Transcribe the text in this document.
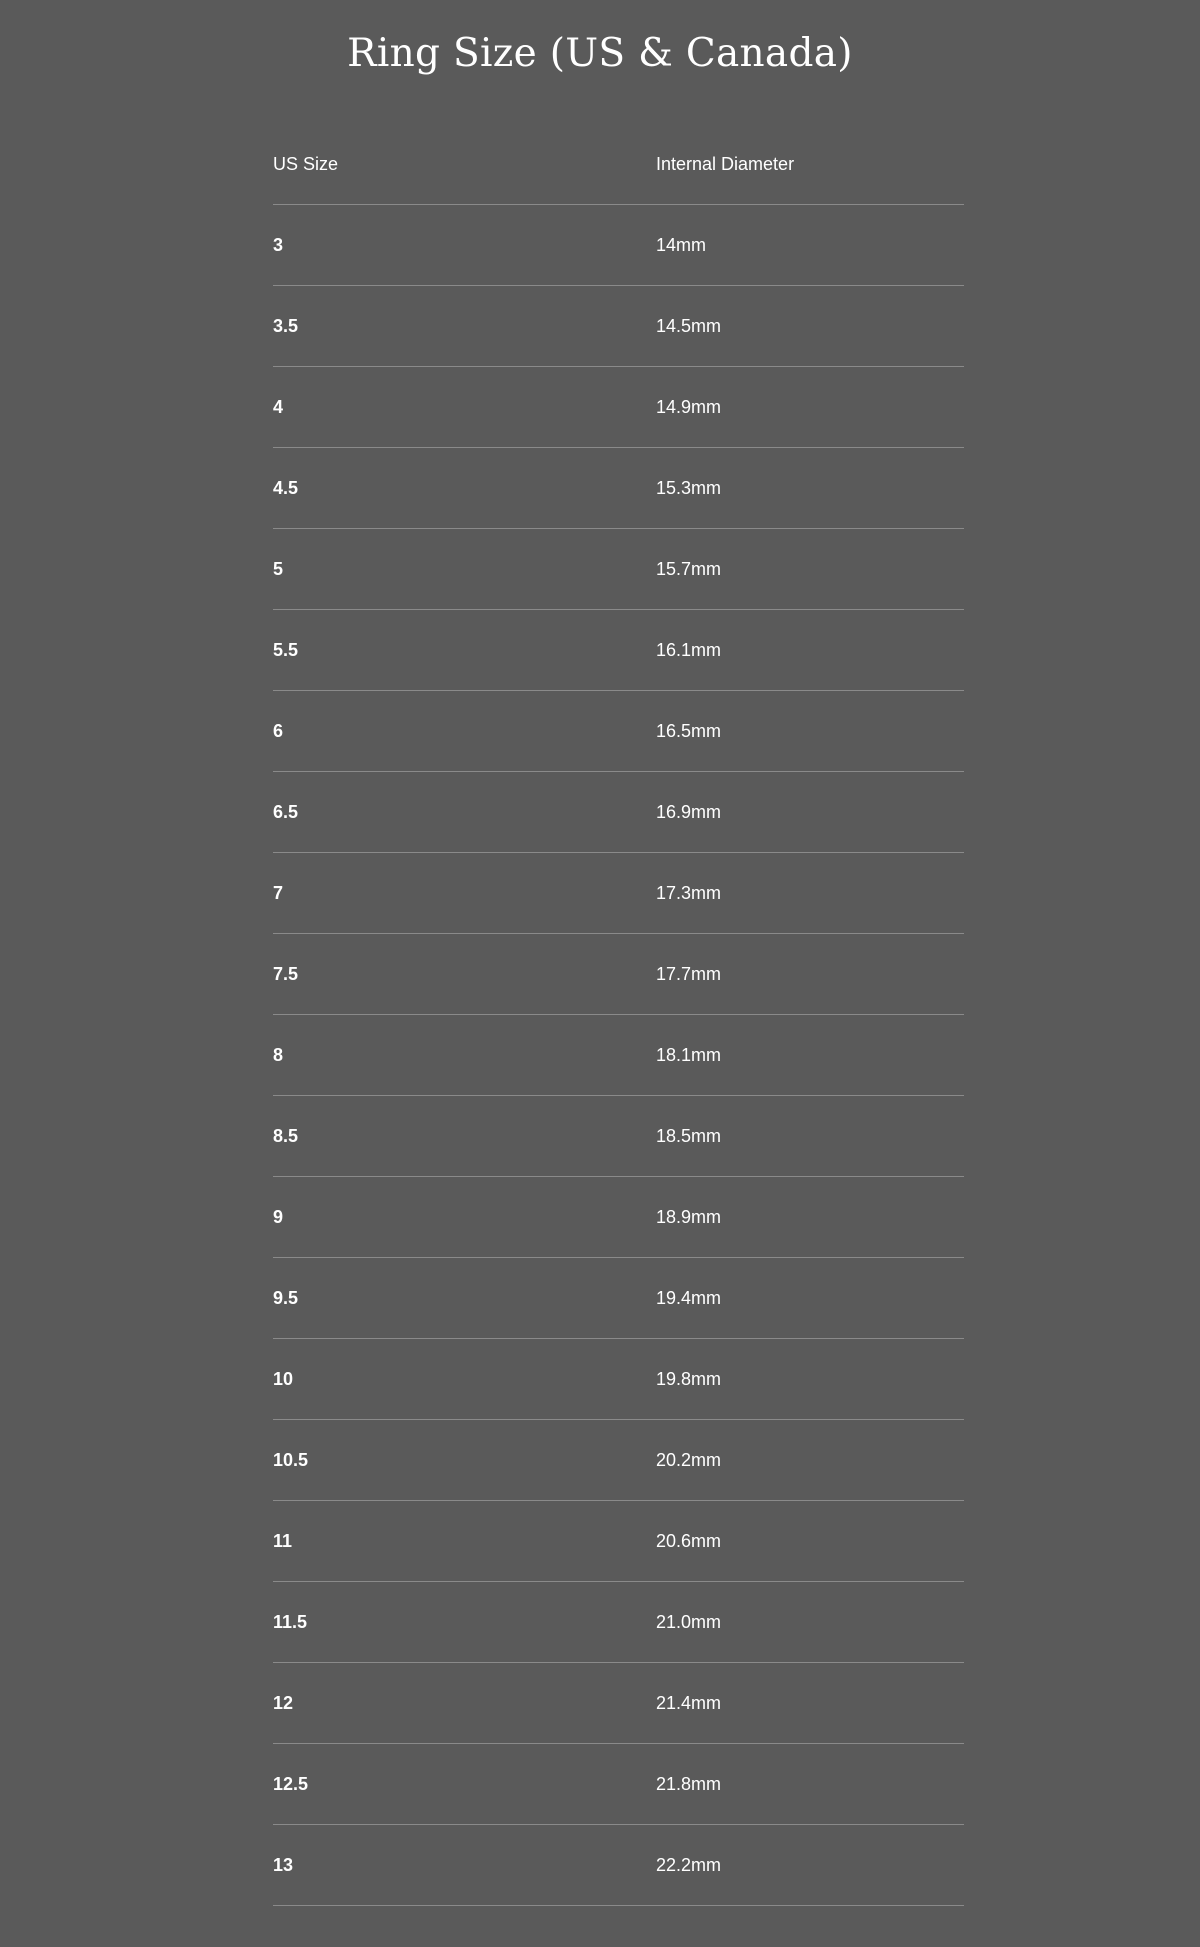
Ring Size (US & Canada)
US Size	Internal Diameter
3	14mm
3.5	14.5mm
4	14.9mm
4.5	15.3mm
5	15.7mm
5.5	16.1mm
6	16.5mm
6.5	16.9mm
7	17.3mm
7.5	17.7mm
8	18.1mm
8.5	18.5mm
9	18.9mm
9.5	19.4mm
10	19.8mm
10.5	20.2mm
11	20.6mm
11.5	21.0mm
12	21.4mm
12.5	21.8mm
13	22.2mm
